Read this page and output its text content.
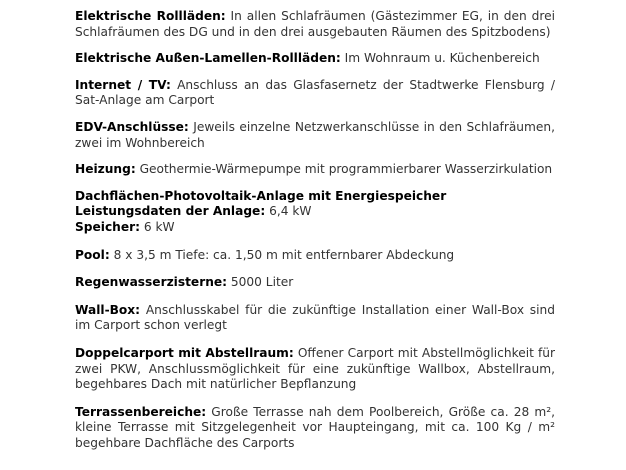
Elektrische Rollläden: In allen Schlafräumen (Gästezimmer EG, in den drei Schlafräumen des DG und in den drei ausgebauten Räumen des Spitzbodens)

Elektrische Außen-Lamellen-Rollläden: Im Wohnraum u. Küchenbereich

Internet / TV: Anschluss an das Glasfasernetz der Stadtwerke Flensburg / Sat-Anlage am Carport

EDV-Anschlüsse: Jeweils einzelne Netzwerkanschlüsse in den Schlafräumen, zwei im Wohnbereich

Heizung: Geothermie-Wärmepumpe mit programmierbarer Wasserzirkulation

Dachflächen-Photovoltaik-Anlage mit Energiespeicher
Leistungsdaten der Anlage: 6,4 kW
Speicher: 6 kW

Pool: 8 x 3,5 m Tiefe: ca. 1,50 m mit entfernbarer Abdeckung

Regenwasserzisterne: 5000 Liter

Wall-Box: Anschlusskabel für die zukünftige Installation einer Wall-Box sind im Carport schon verlegt

Doppelcarport mit Abstellraum: Offener Carport mit Abstellmöglichkeit für zwei PKW, Anschlussmöglichkeit für eine zukünftige Wallbox, Abstellraum, begehbares Dach mit natürlicher Bepflanzung

Terrassenbereiche: Große Terrasse nah dem Poolbereich, Größe ca. 28 m², kleine Terrasse mit Sitzgelegenheit vor Haupteingang, mit ca. 100 Kg / m² begehbare Dachfläche des Carports
